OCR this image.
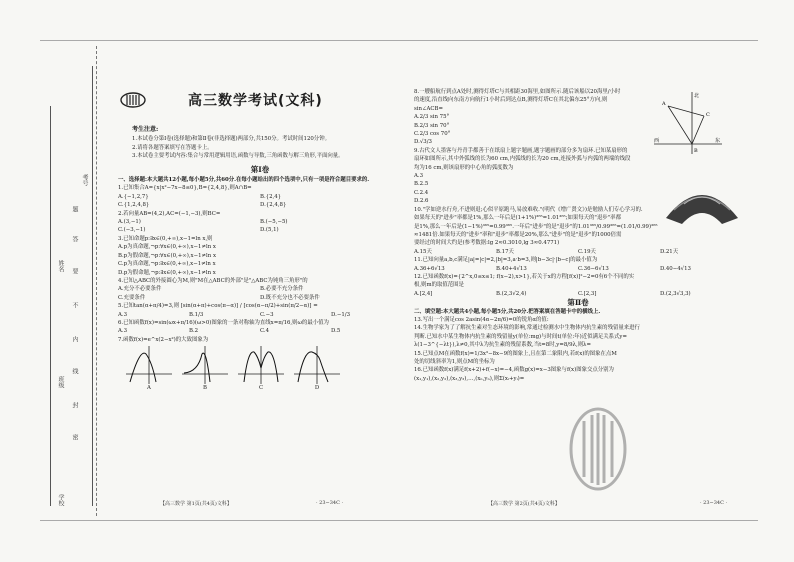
考号
姓名
班级
学校
题
答
要
不
内
线
封
密
高三数学考试(文科)
考生注意:
1.本试卷分第Ⅰ卷(选择题)和第Ⅱ卷(非选择题)两部分,共150分。考试时间120分钟。
2.请将各题答案填写在答题卡上。
3.本试卷主要考试内容:集合与常用逻辑用语,函数与导数,三角函数与解三角形,平面向量。
第Ⅰ卷
一、选择题:本大题共12小题,每小题5分,共60分.在每小题给出的四个选项中,只有一项是符合题目要求的.
1.已知集合A={x|x²−7x−8≤0},B={2,4,8},则A∩B=
A.{−1,2,7}	B.{2,4}
C.{1,2,4,8}	D.{2,4,8}
2.若向量AB=(4,2),AC=(−1,−3),则BC=
A.(3,−1)	B.(−5,−5)
C.(−3,−1)	D.(5,1)
3.已知命题p:∃x∈(0,+∞),x−1=ln x,则
A.p为真命题,¬p:∀x∈(0,+∞),x−1≠ln x
B.p为假命题,¬p:∀x∈(0,+∞),x−1≠ln x
C.p为真命题,¬p:∃x∈(0,+∞),x−1≠ln x
D.p为假命题,¬p:∃x∈(0,+∞),x−1≠ln x
4.已知△ABC的外接圆心为M,则"M在△ABC的外部"是"△ABC为钝角三角形"的
A.充分不必要条件	B.必要不充分条件
C.充要条件	D.既不充分也不必要条件
5.已知tan(α+π/4)=3,则 [sin(α+π)+cos(π−α)] / [cos(α−π/2)+sin(π/2−α)] =
A.3	B.1/3	C.−3	D.−1/3
6.已知函数f(x)=sin(ωx+π/16)(ω>0)图象的一条对称轴为直线x=π/16,则ω的最小值为
A.3	B.2	C.4	D.5
7.函数f(x)=e^x(2−x²)的大致图象为
A	B	C	D
8.一艘船航行到点A处时,测得灯塔C与其相距30海里,如图所示.随后该船以20海里/小时
的速度,沿直线向东南方向航行1小时后到达点B,测得灯塔C在其北偏东25°方向,则
sin∠ACB=
A.2/3 sin 75°
B.2/3 sin 70°
C.2/3 cos 70°
D.√3/3
9.古代文人墨客与丹青手都善于在纸扇上题字题画,题字题画的部分多为扇环.已知某扇形的
扇环如图所示,其中外弧线的长为60 cm,内弧线的长为20 cm,连接外弧与内弧的两端的线段
均为16 cm,则该扇形的中心角的弧度数为
A.3
B.2.5
C.2.4
D.2.6
10."学如逆水行舟,不进则退;心似平原跑马,易放难收."(明代《增广贤文》)是勉励人们专心学习的.
如果每天的"进步"率都是1%,那么一年后是(1+1%)³⁶⁵=1.01³⁶⁵;如果每天的"退步"率都
是1%,那么一年后是(1−1%)³⁶⁵=0.99³⁶⁵.一年后"进步"的是"退步"的1.01³⁶⁵/0.99³⁶⁵=(1.01/0.99)³⁶⁵
≈1481倍.如果每天的"进步"率和"退步"率都是20%,那么"进步"的是"退步"的1000倍需
要经过的时间大约是(参考数据:lg 2≈0.3010,lg 3≈0.4771)
A.15天	B.17天	C.19天	D.21天
11.已知向量a,b,c满足|a|=|c|=2,|b|=3,a·b=3,则|b−3c|·|b−c|的最小值为
A.36+6√13	B.40+4√13	C.36−6√13	D.40−4√13
12.已知函数f(x)={2^x,0≤x≤1; f(x−2),x>1},若关于x的方程[f(x)]²−2=0有6个不同的实
根,则m的取值范围是
A.[2,4]	B.(2,3√2,4)	C.[2,3]	D.(2,3√3,3)
第Ⅱ卷
二、填空题:本大题共4小题,每小题5分,共20分.把答案填在答题卡中的横线上.
13.写出一个满足cos 2asin(4α−2π/6)=0的锐角α的值:
14.生物学家为了了解抗生素对生态环境的影响,常通过检测水中生物体内抗生素的残留量来进行
判断.已知水中某生物体内抗生素的残留量y(单位:mg)与时间t(单位:年)近似满足关系式y=
λ(1−3^{−λt}),λ≠0,其中λ为抗生素的残留系数,当t=8时,y=8/9λ,则λ=
15.已知点M在函数f(x)=1/3x³−8x−9的图象上,且在第二象限内,若f(x)的图象在点M
处的切线斜率为1,则点M的坐标为
16.已知函数f(x)满足f(x+2)+f(−x)=−4,函数g(x)=x−3图象与f(x)图象交点分别为
(x₁,y₁),(x₂,y₂),(x₃,y₃),…,(xₙ,yₙ),则Σ(xᵢ+yᵢ)=
北
A
C
东
B
西
【高三数学 第1页(共4页)文科】	· 23−34C ·	【高三数学 第2页(共4页)文科】	· 23−34C ·
